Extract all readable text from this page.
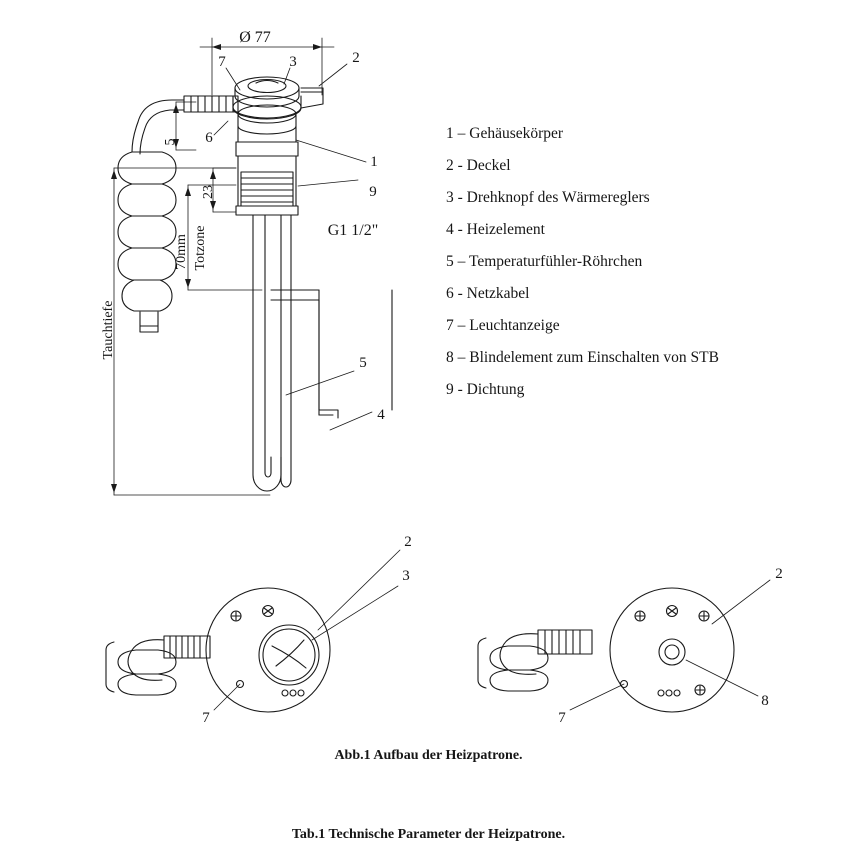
Ø 77
5
23
70mm Totzone
Tauchtiefe
G1 1/2"
7	3	2
1
9
6
5
4
2
3
7
2
8
7
1 – Gehäusekörper
2 - Deckel
3 - Drehknopf des Wärmereglers
4 - Heizelement
5 – Temperaturfühler-Röhrchen
6 - Netzkabel
7 – Leuchtanzeige
8 – Blindelement zum Einschalten von STB
9 - Dichtung
Abb.1 Aufbau der Heizpatrone.
Tab.1 Technische Parameter der Heizpatrone.
